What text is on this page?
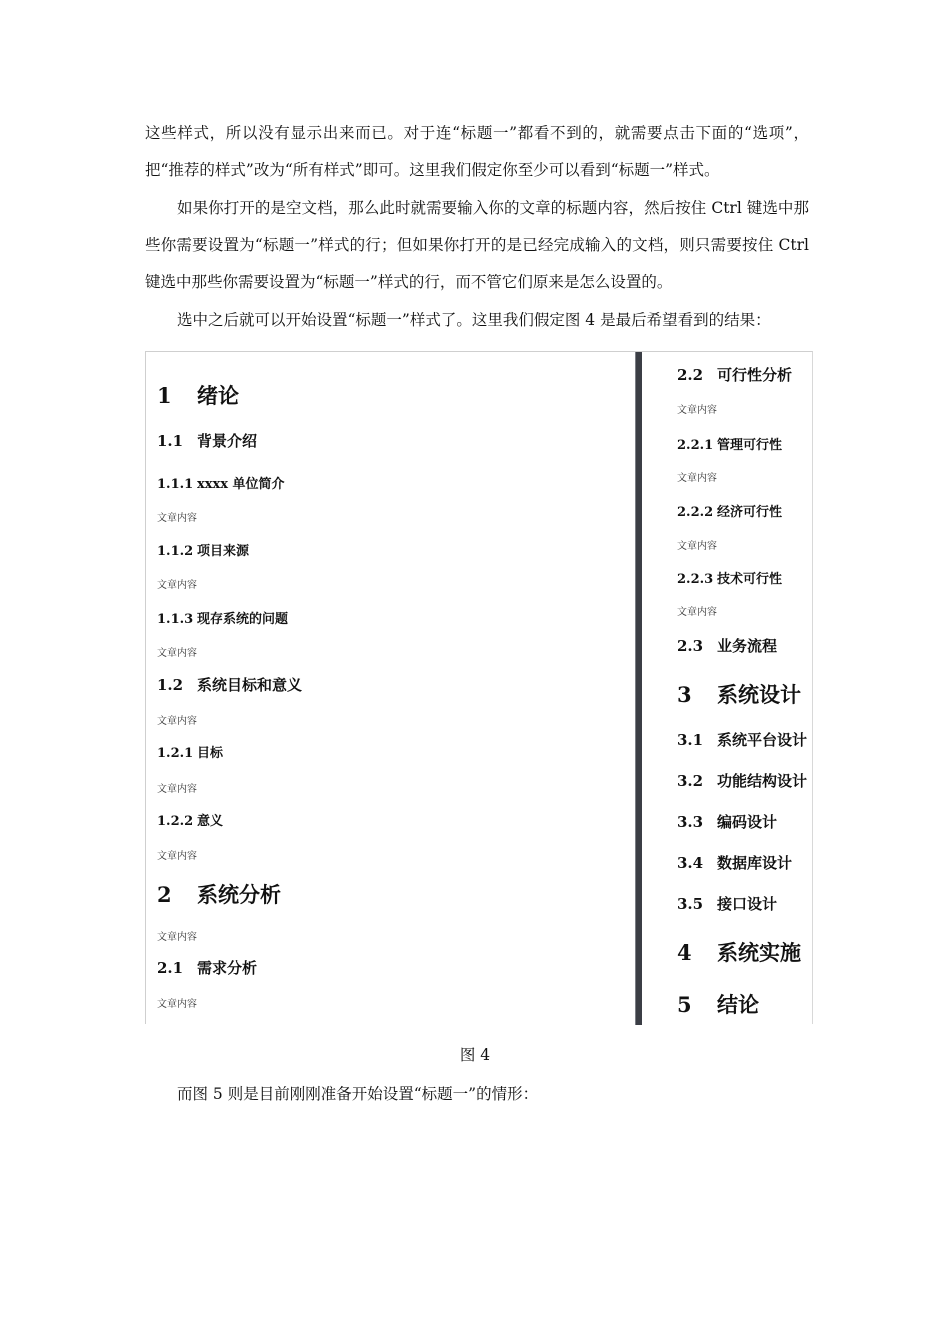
这些样式，所以没有显示出来而已。对于连“标题一”都看不到的，就需要点击下面的“选项”，把“推荐的样式”改为“所有样式”即可。这里我们假定你至少可以看到“标题一”样式。

如果你打开的是空文档，那么此时就需要输入你的文章的标题内容，然后按住 Ctrl 键选中那些你需要设置为“标题一”样式的行；但如果你打开的是已经完成输入的文档，则只需要按住 Ctrl 键选中那些你需要设置为“标题一”样式的行，而不管它们原来是怎么设置的。

选中之后就可以开始设置“标题一”样式了。这里我们假定图 4 是最后希望看到的结果：

1 绪论
1.1 背景介绍
1.1.1 xxxx 单位简介
文章内容
1.1.2 项目来源
文章内容
1.1.3 现存系统的问题
文章内容
1.2 系统目标和意义
文章内容
1.2.1 目标
文章内容
1.2.2 意义
文章内容
2 系统分析
文章内容
2.1 需求分析
文章内容
2.2 可行性分析
文章内容
2.2.1 管理可行性
文章内容
2.2.2 经济可行性
文章内容
2.2.3 技术可行性
文章内容
2.3 业务流程
3 系统设计
3.1 系统平台设计
3.2 功能结构设计
3.3 编码设计
3.4 数据库设计
3.5 接口设计
4 系统实施
5 结论
图 4

而图 5 则是目前刚刚准备开始设置“标题一”的情形：
